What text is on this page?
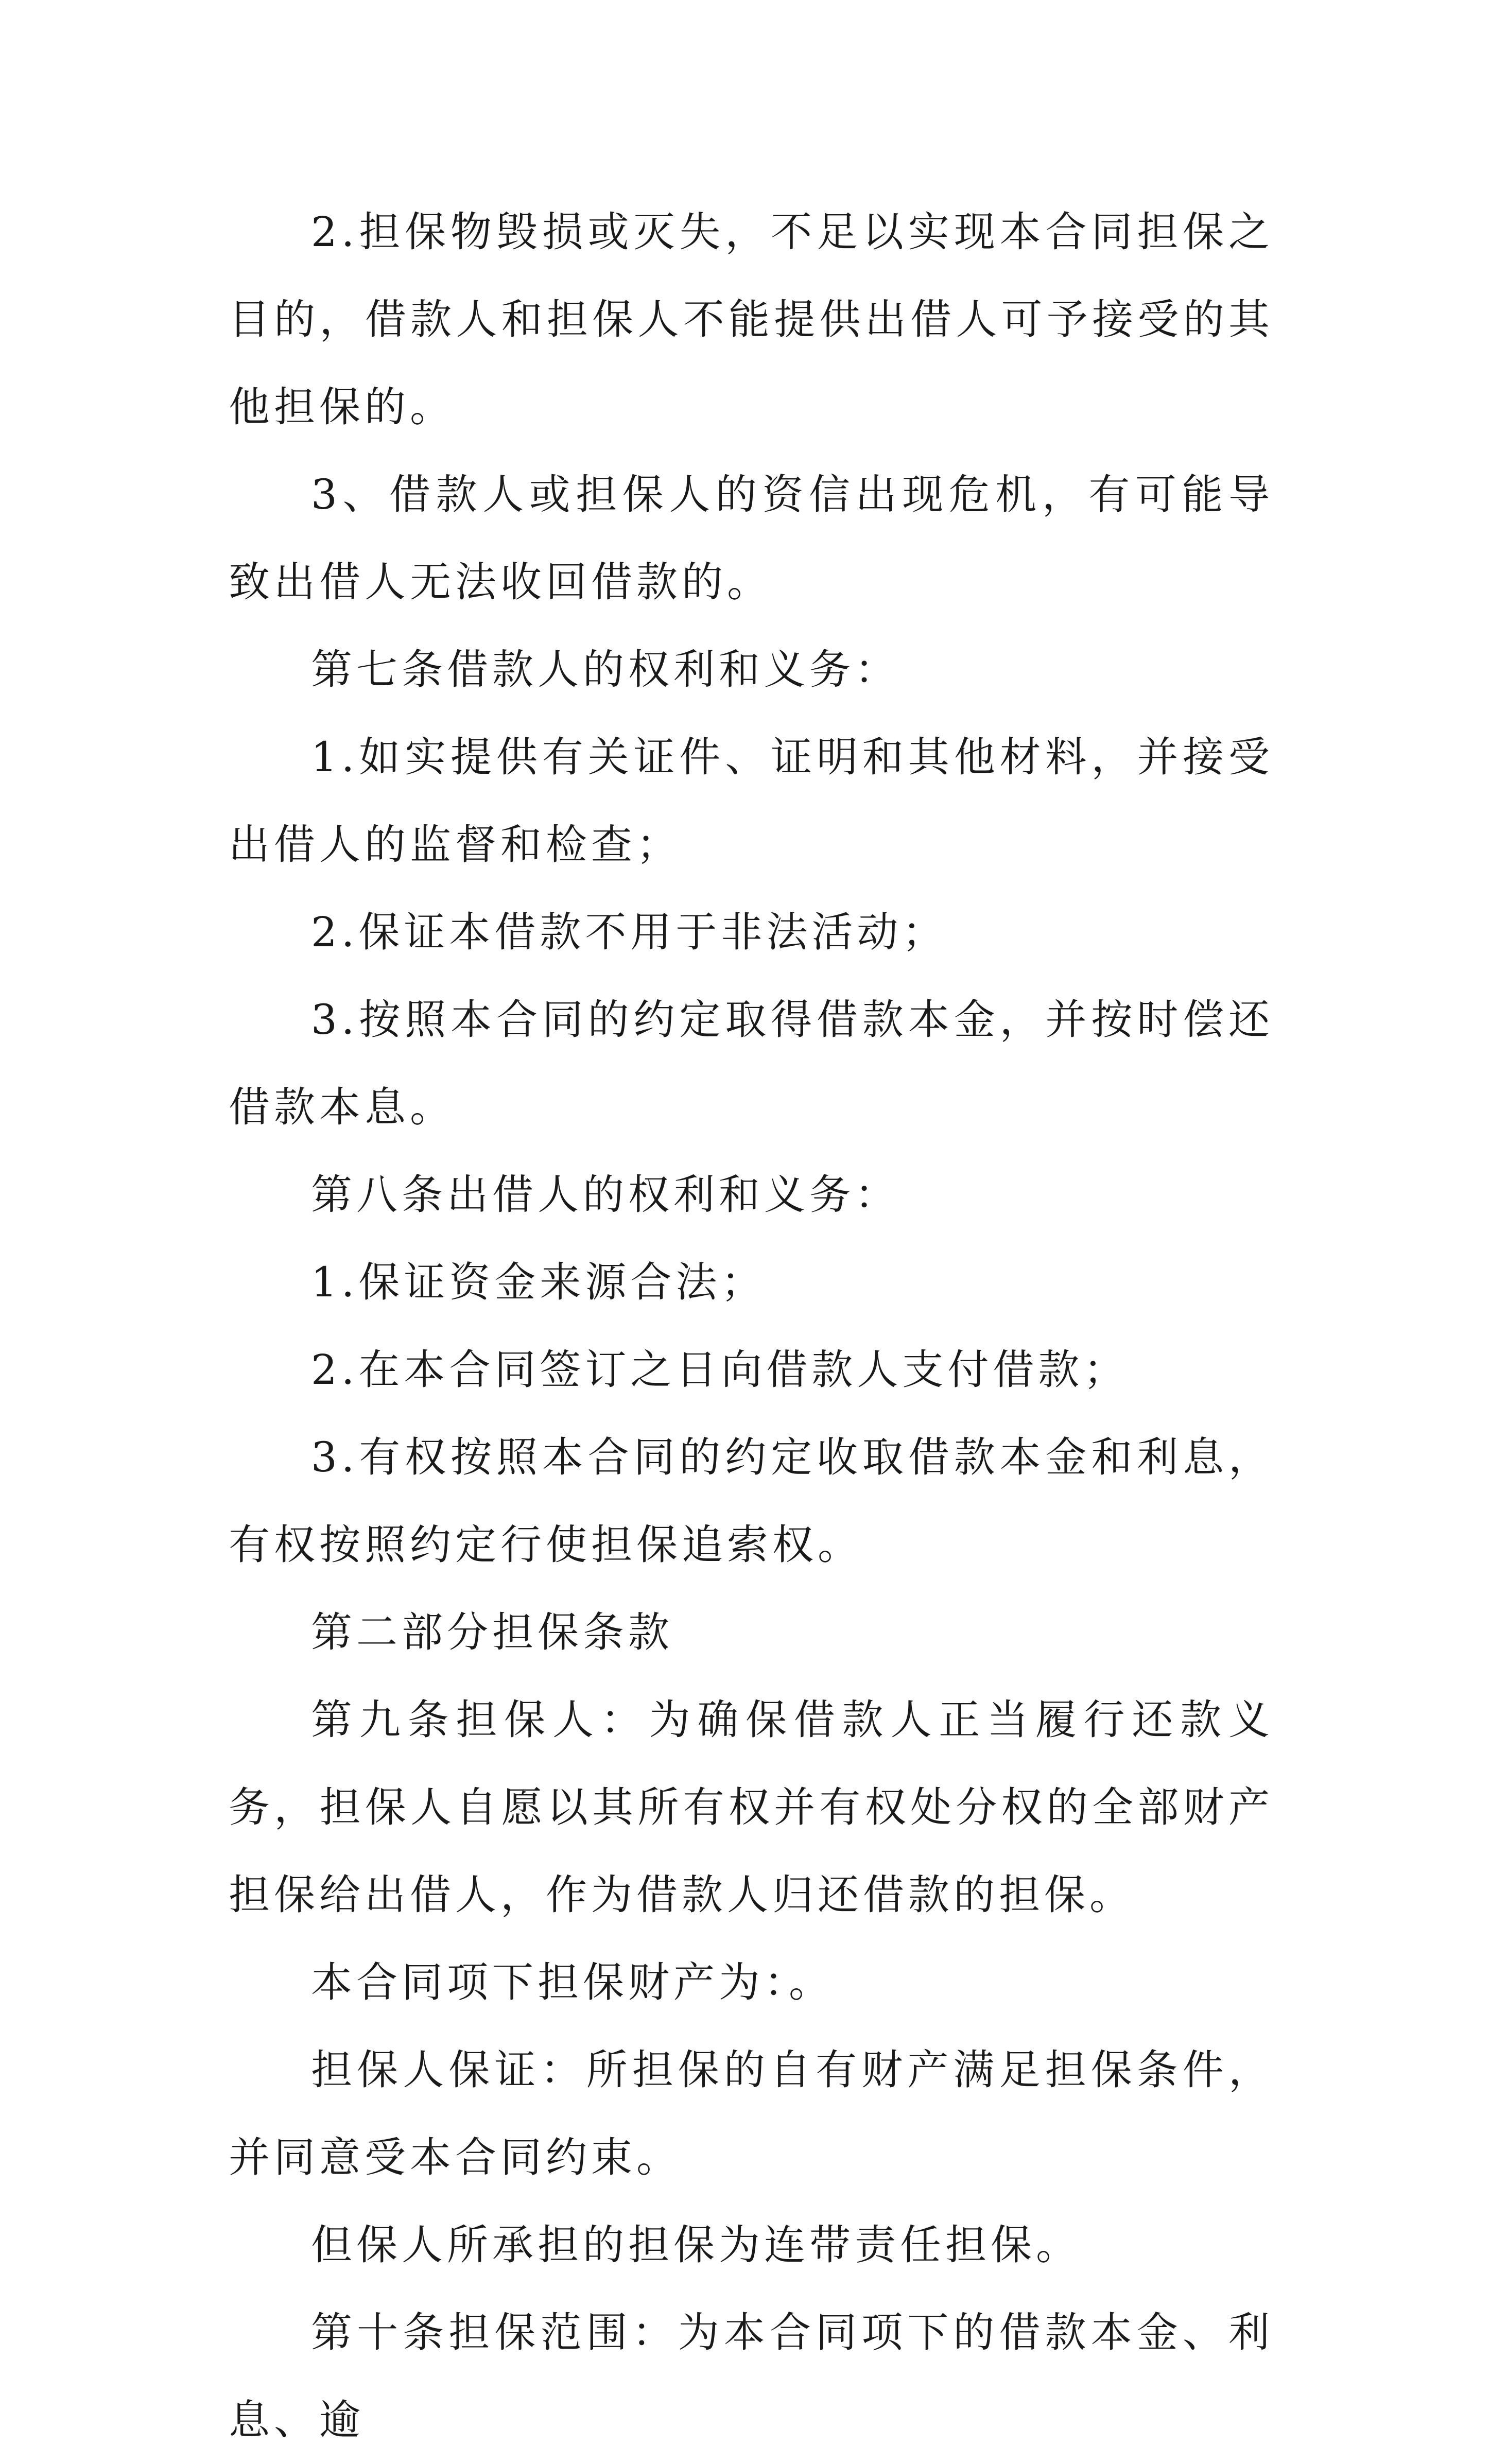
2.担保物毁损或灭失，不足以实现本合同担保之目的，借款人和担保人不能提供出借人可予接受的其他担保的。

3、借款人或担保人的资信出现危机，有可能导致出借人无法收回借款的。

第七条借款人的权利和义务：

1.如实提供有关证件、证明和其他材料，并接受出借人的监督和检查；

2.保证本借款不用于非法活动；

3.按照本合同的约定取得借款本金，并按时偿还借款本息。

第八条出借人的权利和义务：

1.保证资金来源合法；

2.在本合同签订之日向借款人支付借款；

3.有权按照本合同的约定收取借款本金和利息，有权按照约定行使担保追索权。

第二部分担保条款

第九条担保人：为确保借款人正当履行还款义务，担保人自愿以其所有权并有权处分权的全部财产担保给出借人，作为借款人归还借款的担保。

本合同项下担保财产为：。

担保人保证：所担保的自有财产满足担保条件，并同意受本合同约束。

但保人所承担的担保为连带责任担保。

第十条担保范围：为本合同项下的借款本金、利息、逾
